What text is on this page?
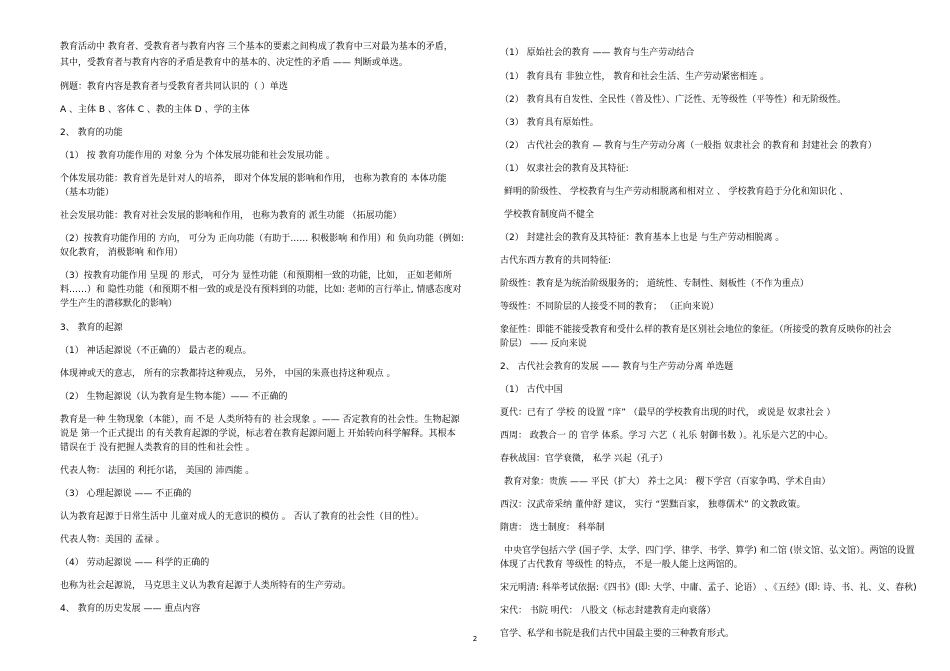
教育活动中 教育者、受教育者与教育内容 三个基本的要素之间构成了教育中三对最为基本的矛盾，

其中，受教育者与教育内容的矛盾是教育中的基本的、决定性的矛盾 —— 判断或单选。

例题：教育内容是教育者与受教育者共同认识的（ ）单选

A 、主体 B 、客体 C 、教的主体 D 、学的主体

2、 教育的功能

（1） 按 教育功能作用的 对象 分为 个体发展功能和社会发展功能 。

个体发展功能：教育首先是针对人的培养， 即对个体发展的影响和作用， 也称为教育的 本体功能

（基本功能）

社会发展功能：教育对社会发展的影响和作用， 也称为教育的 派生功能 （拓展功能）

（2）按教育功能作用的 方向， 可分为 正向功能（有助于…… 积极影响 和作用）和 负向功能（例如:

奴化教育， 消极影响 和作用）

（3）按教育功能作用 呈现 的 形式， 可分为 显性功能（和预期相一致的功能，比如， 正如老师所

料……）和 隐性功能（和预期不相一致的或是没有预料到的功能，比如: 老师的言行举止, 情感态度对

学生产生的潜移默化的影响）

3、 教育的起源

（1） 神话起源说（不正确的） 最古老的观点。

体现神或天的意志， 所有的宗教都持这种观点， 另外， 中国的朱熹也持这种观点 。

（2） 生物起源说（认为教育是生物本能）—— 不正确的

教育是一种 生物现象（本能），而 不是 人类所特有的 社会现象 。—— 否定教育的社会性。生物起源

说是 第一个正式提出 的有关教育起源的学说，标志着在教育起源问题上 开始转向科学解释。其根本

错误在于 没有把握人类教育的目的性和社会性 。

代表人物： 法国的 利托尔诺， 美国的 沛西能 。

（3） 心理起源说 —— 不正确的

认为教育起源于日常生活中 儿童对成人的无意识的模仿 。 否认了教育的社会性（目的性）。

代表人物：美国的 孟禄 。

（4） 劳动起源说 —— 科学的正确的

也称为社会起源说， 马克思主义认为教育起源于人类所特有的生产劳动。

4、 教育的历史发展 —— 重点内容

（1） 原始社会的教育 —— 教育与生产劳动结合

（1） 教育具有 非独立性， 教育和社会生活、生产劳动紧密相连 。

（2） 教育具有自发性、全民性（普及性）、广泛性、无等级性（平等性）和无阶级性。

（3） 教育具有原始性。

（2） 古代社会的教育 — 教育与生产劳动分离（一般指 奴隶社会 的教育和 封建社会 的教育）

（1） 奴隶社会的教育及其特征:

鲜明的阶级性、 学校教育与生产劳动相脱离和相对立 、 学校教育趋于分化和知识化 、

学校教育制度尚不健全

（2） 封建社会的教育及其特征：教育基本上也是 与生产劳动相脱离 。

古代东西方教育的共同特征:

阶级性：教育是为统治阶级服务的； 道统性、专制性、刻板性（不作为重点）

等级性：不同阶层的人接受不同的教育； （正向来说）

象征性：即能不能接受教育和受什么样的教育是区别社会地位的象征。（所接受的教育反映你的社会

阶层） —— 反向来说

2、 古代社会教育的发展 —— 教育与生产劳动分离 单选题

（1） 古代中国

夏代：已有了 学校 的设置 “庠” （最早的学校教育出现的时代， 或说是 奴隶社会 ）

西周： 政教合一 的 官学 体系。学习 六艺（ 礼乐 射御书数 ）。礼乐是六艺的中心。

春秋战国：官学衰微， 私学 兴起（孔子）

教育对象：贵族 —— 平民（扩大） 养士之风： 稷下学宫（百家争鸣、学术自由）

西汉：汉武帝采纳 董仲舒 建议， 实行 “罢黜百家， 独尊儒术” 的文教政策。

隋唐： 选士制度： 科举制

中央官学包括六学 (国子学、太学、四门学、律学、书学、算学) 和二馆 (崇文馆、弘文馆）。两馆的设置

体现了古代教育 等级性 的特点， 不是一般人能上这两馆的。

宋元明清: 科举考试依据:《四书》(即: 大学、中庸、孟子、论语） 、《五经》(即: 诗、书、礼、义、春秋)

宋代： 书院 明代： 八股文（标志封建教育走向衰落）

官学、私学和书院是我们古代中国最主要的三种教育形式。

2
